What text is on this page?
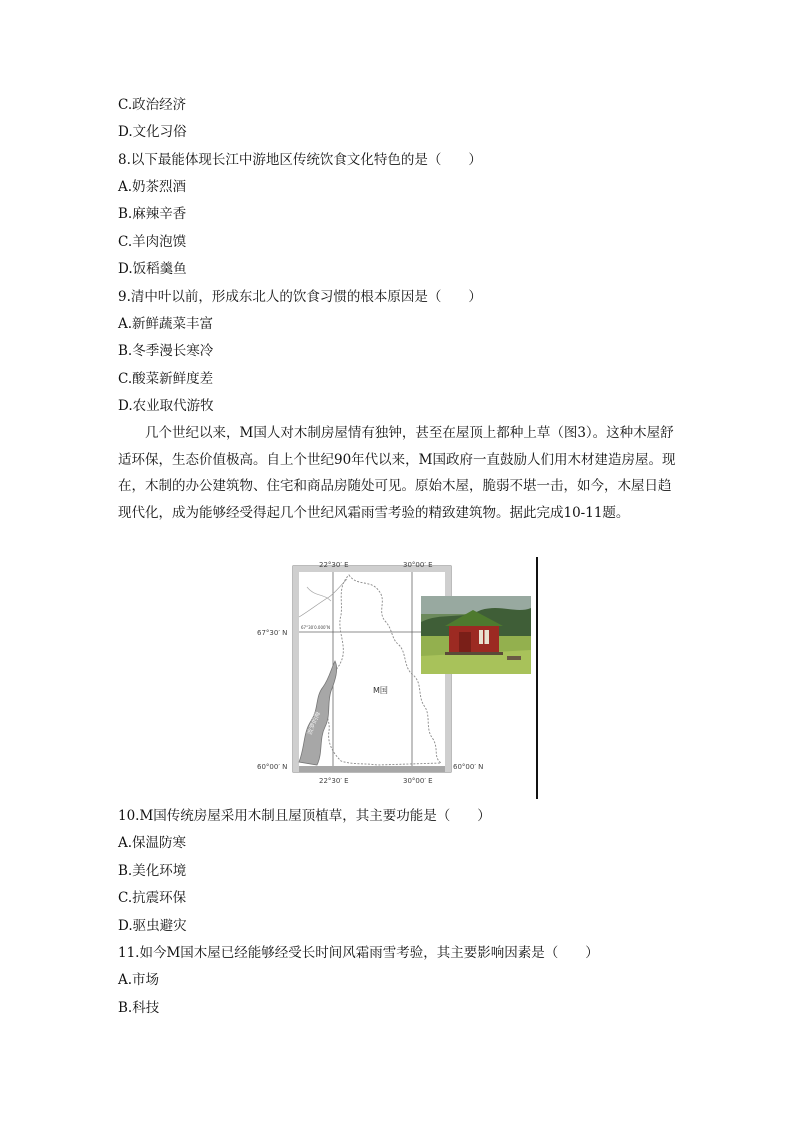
C.政治经济
D.文化习俗
8.以下最能体现长江中游地区传统饮食文化特色的是（　　）
A.奶茶烈酒
B.麻辣辛香
C.羊肉泡馍
D.饭稻羹鱼
9.清中叶以前，形成东北人的饮食习惯的根本原因是（　　）
A.新鲜蔬菜丰富
B.冬季漫长寒冷
C.酸菜新鲜度差
D.农业取代游牧
几个世纪以来，M国人对木制房屋情有独钟，甚至在屋顶上都种上草（图3）。这种木屋舒适环保，生态价值极高。自上个世纪90年代以来，M国政府一直鼓励人们用木材建造房屋。现在，木制的办公建筑物、住宅和商品房随处可见。原始木屋，脆弱不堪一击，如今，木屋日趋现代化，成为能够经受得起几个世纪风霜雨雪考验的精致建筑物。据此完成10-11题。
22°30′ E	30°00′ E
67°30′ N
67°30′0.000″N
60°00′ N	60°00′ N
22°30′ E	30°00′ E
M国
波罗的海
10.M国传统房屋采用木制且屋顶植草，其主要功能是（　　）
A.保温防寒
B.美化环境
C.抗震环保
D.驱虫避灾
11.如今M国木屋已经能够经受长时间风霜雨雪考验，其主要影响因素是（　　）
A.市场
B.科技
